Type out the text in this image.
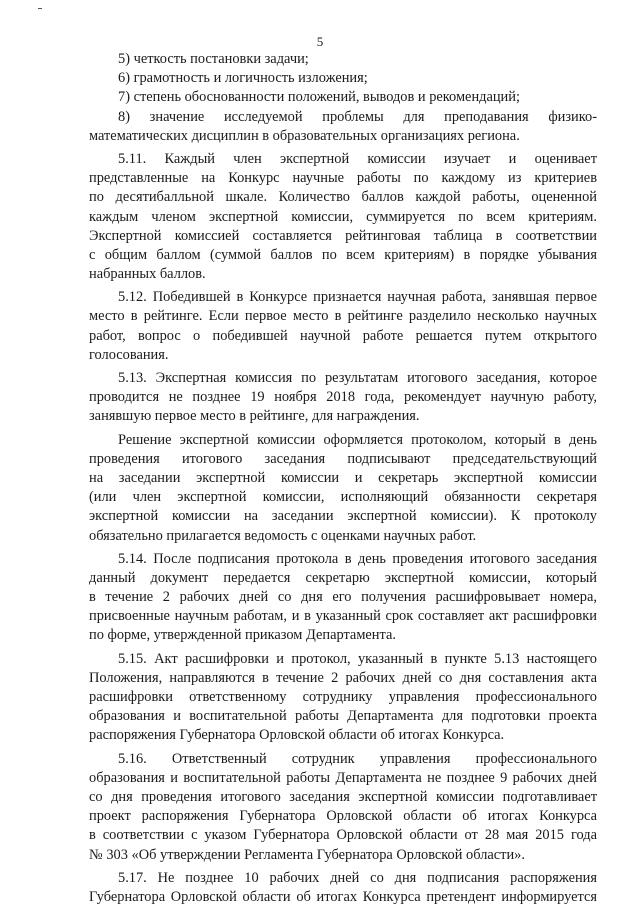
5
5) четкость постановки задачи;
6) грамотность и логичность изложения;
7) степень обоснованности положений, выводов и рекомендаций;
8) значение исследуемой проблемы для преподавания физико-
математических дисциплин в образовательных организациях региона.
5.11. Каждый член экспертной комиссии изучает и оценивает
представленные на Конкурс научные работы по каждому из критериев
по десятибалльной шкале. Количество баллов каждой работы, оцененной
каждым членом экспертной комиссии, суммируется по всем критериям.
Экспертной комиссией составляется рейтинговая таблица в соответствии
с общим баллом (суммой баллов по всем критериям) в порядке убывания
набранных баллов.
5.12. Победившей в Конкурсе признается научная работа, занявшая первое
место в рейтинге. Если первое место в рейтинге разделило несколько научных
работ, вопрос о победившей научной работе решается путем открытого
голосования.
5.13. Экспертная комиссия по результатам итогового заседания, которое
проводится не позднее 19 ноября 2018 года, рекомендует научную работу,
занявшую первое место в рейтинге, для награждения.
Решение экспертной комиссии оформляется протоколом, который в день
проведения итогового заседания подписывают председательствующий
на заседании экспертной комиссии и секретарь экспертной комиссии
(или член экспертной комиссии, исполняющий обязанности секретаря
экспертной комиссии на заседании экспертной комиссии). К протоколу
обязательно прилагается ведомость с оценками научных работ.
5.14. После подписания протокола в день проведения итогового заседания
данный документ передается секретарю экспертной комиссии, который
в течение 2 рабочих дней со дня его получения расшифровывает номера,
присвоенные научным работам, и в указанный срок составляет акт расшифровки
по форме, утвержденной приказом Департамента.
5.15. Акт расшифровки и протокол, указанный в пункте 5.13 настоящего
Положения, направляются в течение 2 рабочих дней со дня составления акта
расшифровки ответственному сотруднику управления профессионального
образования и воспитательной работы Департамента для подготовки проекта
распоряжения Губернатора Орловской области об итогах Конкурса.
5.16. Ответственный сотрудник управления профессионального
образования и воспитательной работы Департамента не позднее 9 рабочих дней
со дня проведения итогового заседания экспертной комиссии подготавливает
проект распоряжения Губернатора Орловской области об итогах Конкурса
в соответствии с указом Губернатора Орловской области от 28 мая 2015 года
№ 303 «Об утверждении Регламента Губернатора Орловской области».
5.17. Не позднее 10 рабочих дней со дня подписания распоряжения
Губернатора Орловской области об итогах Конкурса претендент информируется
